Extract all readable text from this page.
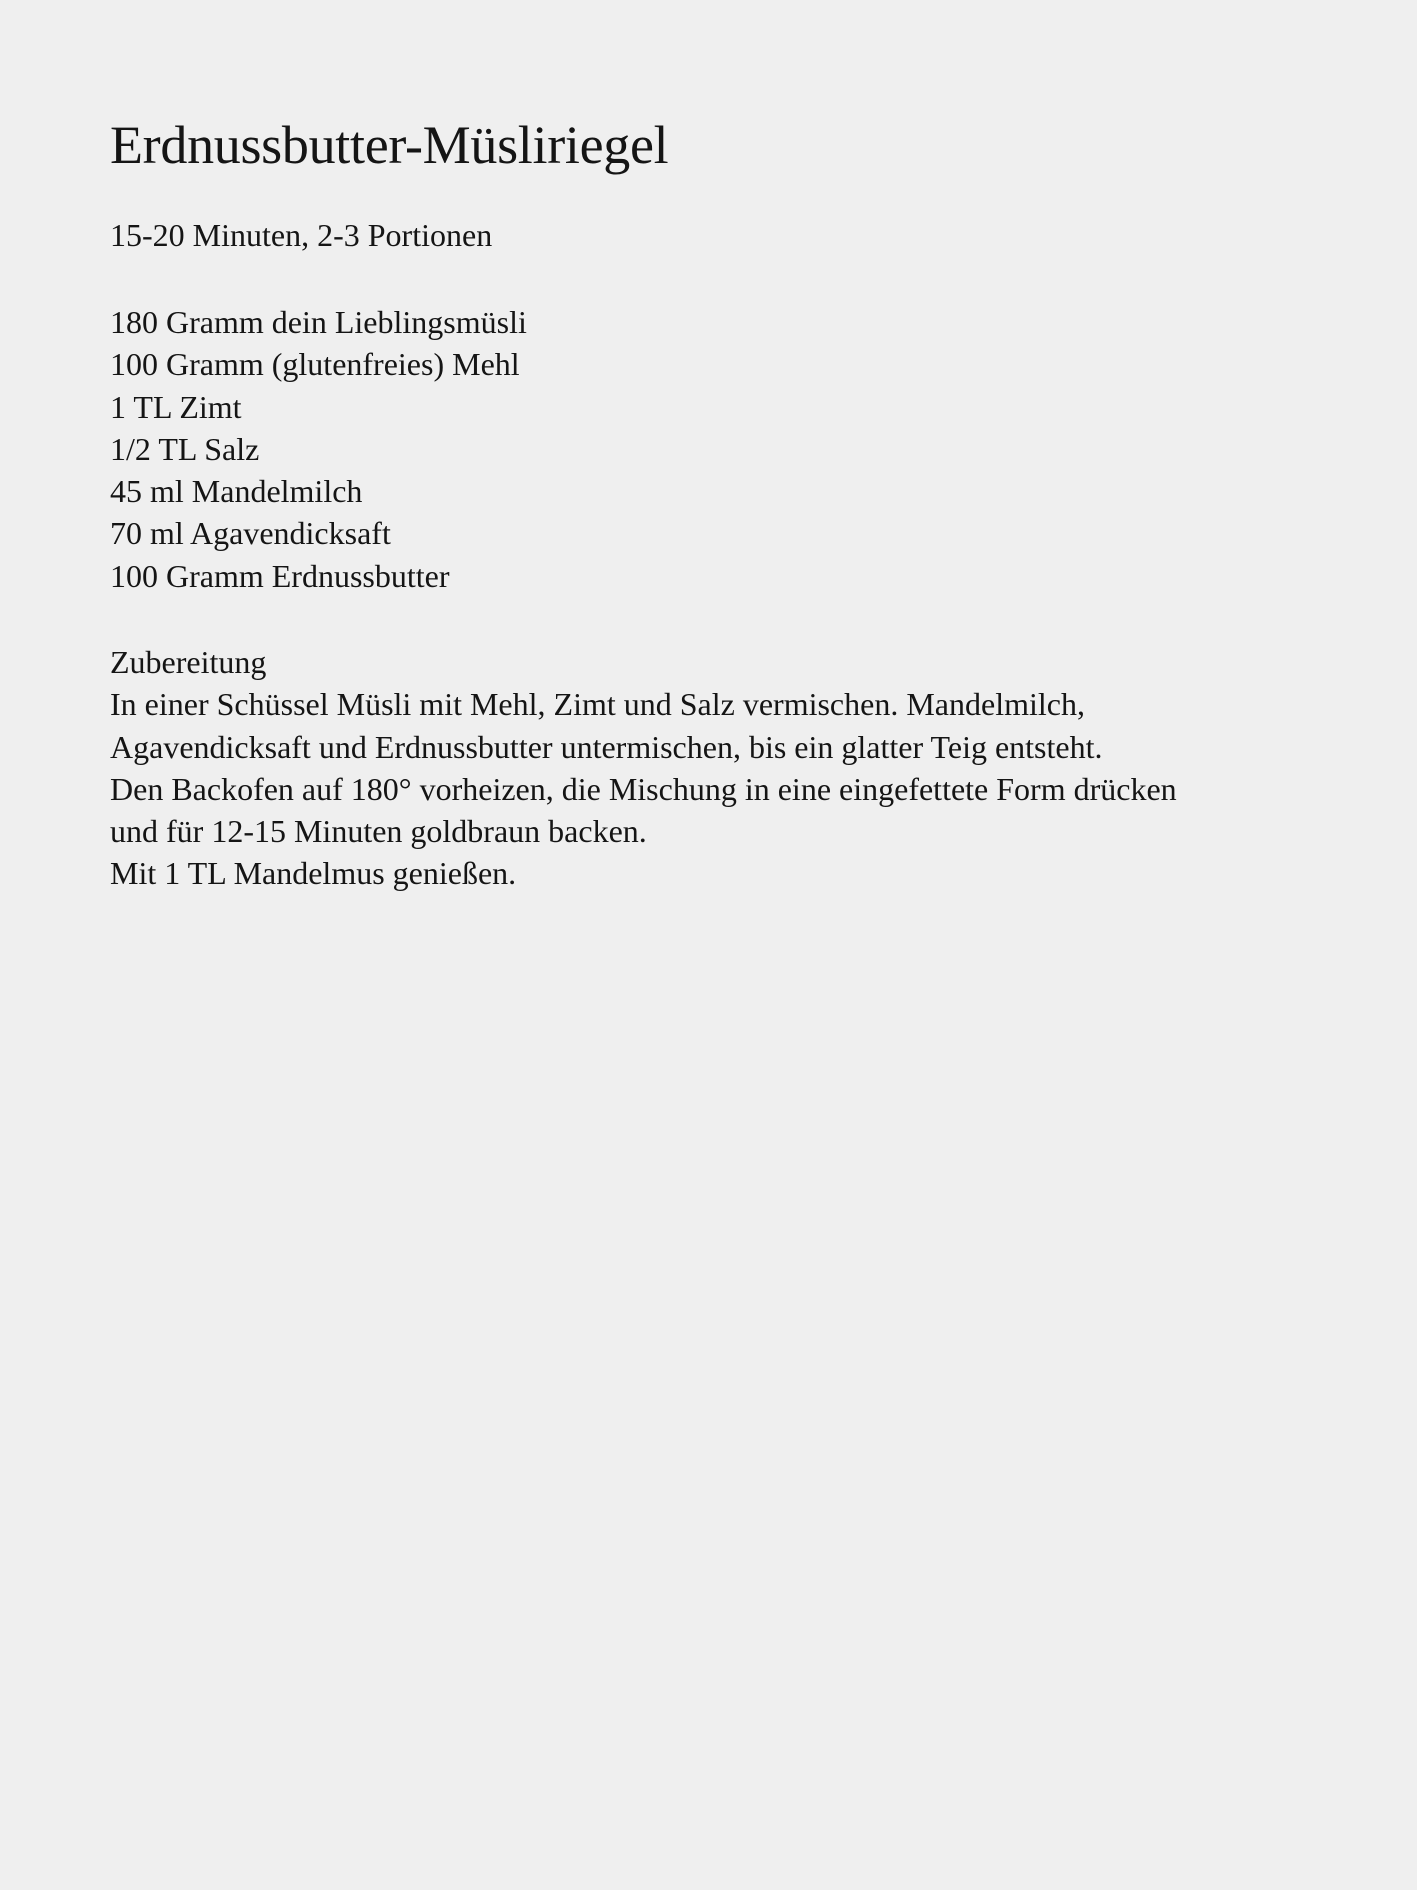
Erdnussbutter-Müsliriegel

15-20 Minuten, 2-3 Portionen

180 Gramm dein Lieblingsmüsli
100 Gramm (glutenfreies) Mehl
1 TL Zimt
1/2 TL Salz
45 ml Mandelmilch
70 ml Agavendicksaft
100 Gramm Erdnussbutter

Zubereitung

In einer Schüssel Müsli mit Mehl, Zimt und Salz vermischen. Mandelmilch,

Agavendicksaft und Erdnussbutter untermischen, bis ein glatter Teig entsteht.

Den Backofen auf 180° vorheizen, die Mischung in eine eingefettete Form drücken

und für 12-15 Minuten goldbraun backen.

Mit 1 TL Mandelmus genießen.
